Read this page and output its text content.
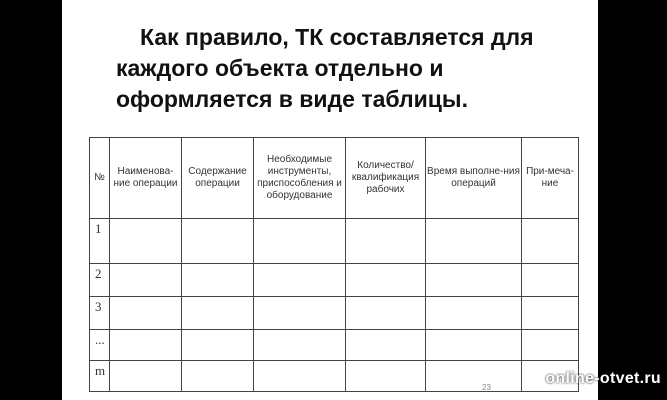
Как правило, ТК составляется для
каждого объекта отдельно и
оформляется в виде таблицы.
№	Наименова-ние операции	Содержание операции	Необходимые инструменты, приспособления и оборудование	Количество/ квалификация рабочих	Время выполне-ния операций	При-меча-ние
1						
2						
3						
...						
m						
23
online-otvet.ru
